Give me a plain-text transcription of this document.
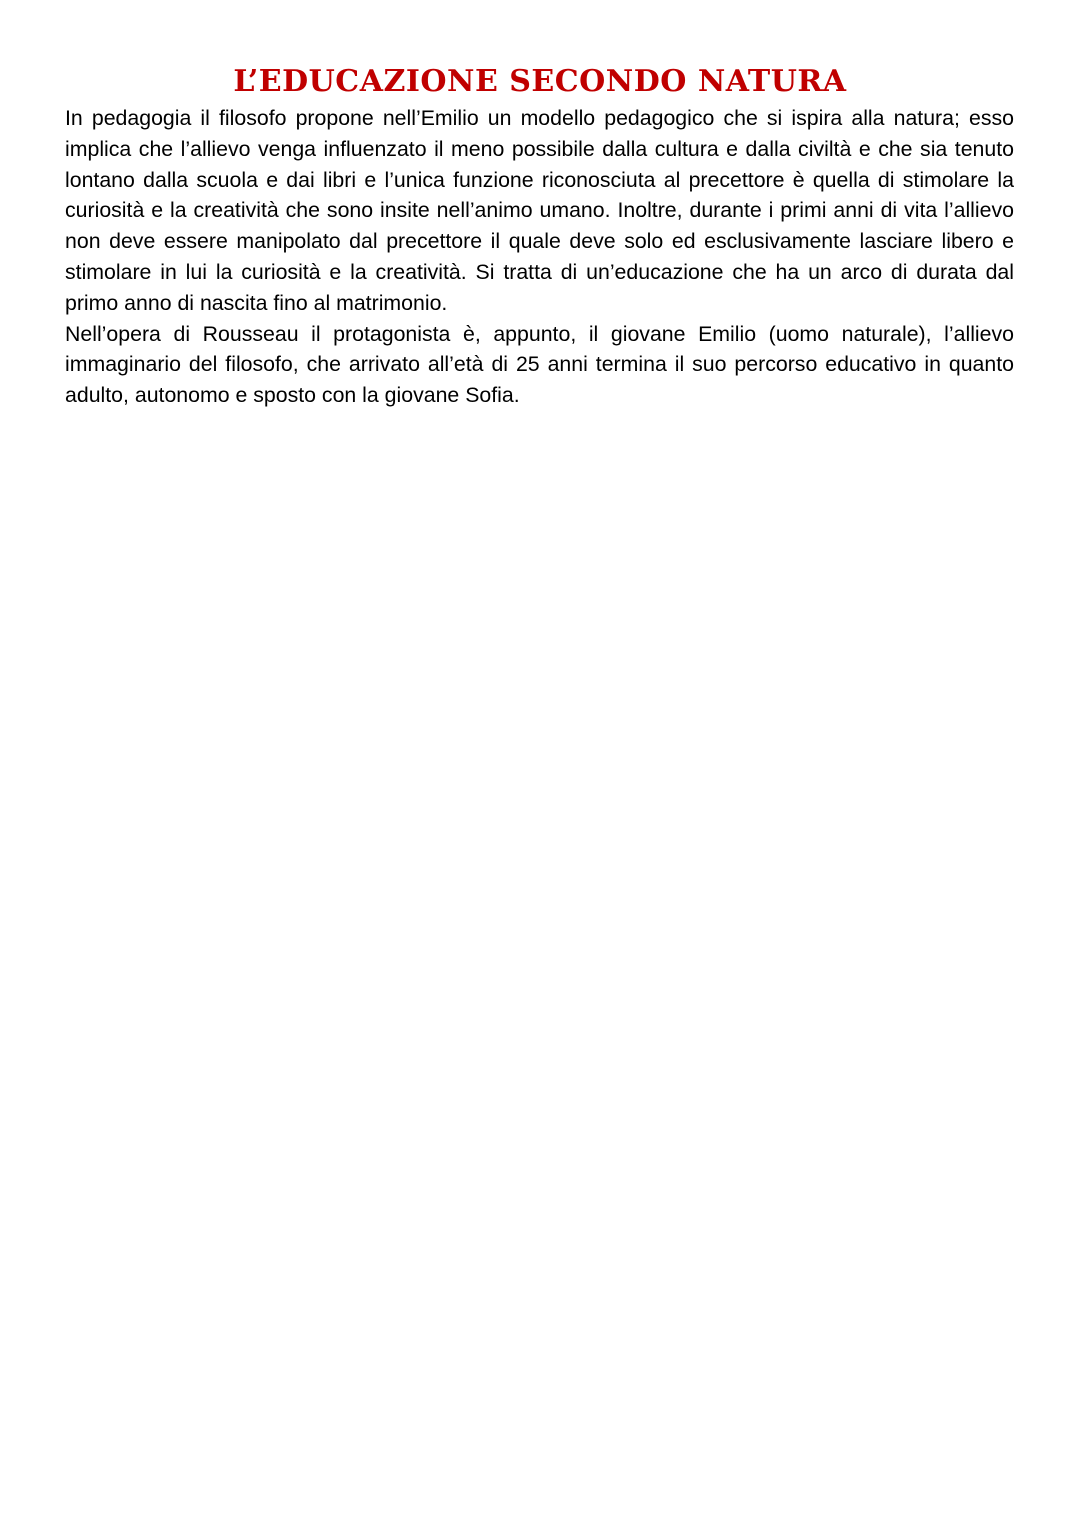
L’EDUCAZIONE SECONDO NATURA

In pedagogia il filosofo propone nell’Emilio un modello pedagogico che si ispira alla natura; esso implica che l’allievo venga influenzato il meno possibile dalla cultura e dalla civiltà e che sia tenuto lontano dalla scuola e dai libri e l’unica funzione riconosciuta al precettore è quella di stimolare la curiosità e la creatività che sono insite nell’animo umano. Inoltre, durante i primi anni di vita l’allievo non deve essere manipolato dal precettore il quale deve solo ed esclusivamente lasciare libero e stimolare in lui la curiosità e la creatività. Si tratta di un’educazione che ha un arco di durata dal primo anno di nascita fino al matrimonio.

Nell’opera di Rousseau il protagonista è, appunto, il giovane Emilio (uomo naturale), l’allievo immaginario del filosofo, che arrivato all’età di 25 anni termina il suo percorso educativo in quanto adulto, autonomo e sposto con la giovane Sofia.
